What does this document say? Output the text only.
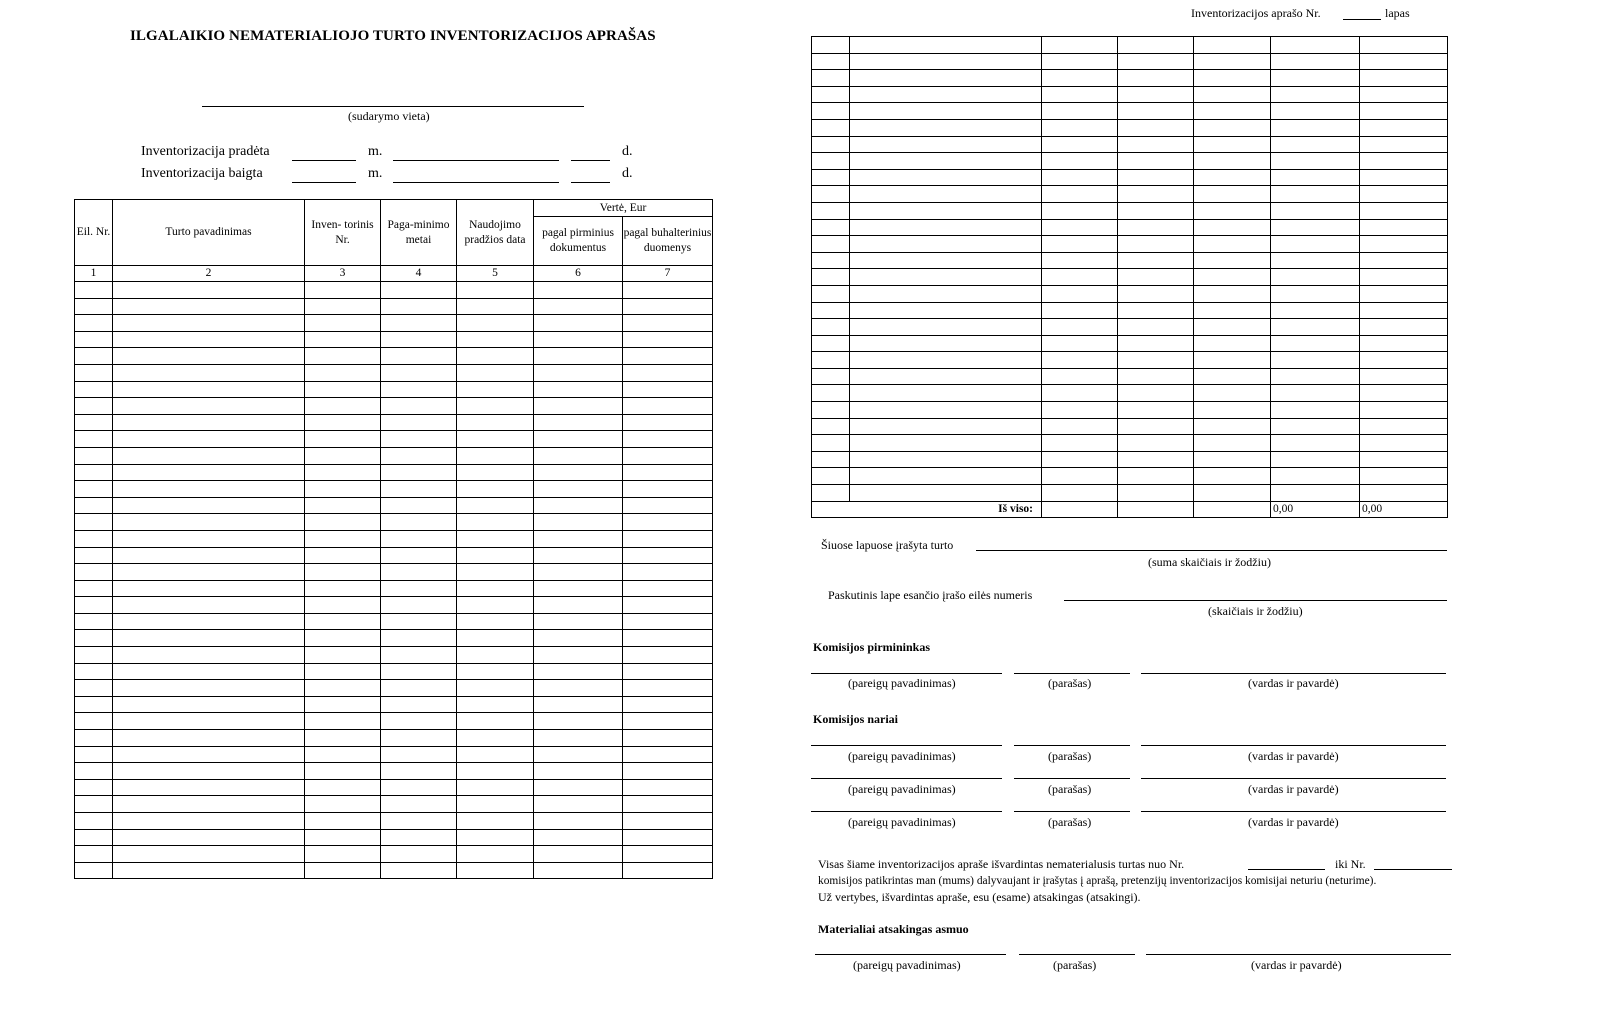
ILGALAIKIO NEMATERIALIOJO TURTO INVENTORIZACIJOS APRAŠAS
(sudarymo vieta)
Inventorizacija pradėta	m.	d.
Inventorizacija baigta	m.	d.
Eil. Nr.	Turto pavadinimas	Inven- torinis Nr.	Paga-minimo metai	Naudojimo pradžios data	Vertė, Eur	
					pagal pirminius dokumentus	pagal buhalterinius duomenys
1	2	3	4	5	6	7

Inventorizacijos aprašo Nr.	lapas

Iš viso:					0,00	0,00
Šiuose lapuose įrašyta turto
(suma skaičiais ir žodžiu)
Paskutinis lape esančio įrašo eilės numeris
(skaičiais ir žodžiu)
Komisijos pirmininkas
(pareigų pavadinimas)	(parašas)	(vardas ir pavardė)
Komisijos nariai
(pareigų pavadinimas)	(parašas)	(vardas ir pavardė)
(pareigų pavadinimas)	(parašas)	(vardas ir pavardė)
(pareigų pavadinimas)	(parašas)	(vardas ir pavardė)
Visas šiame inventorizacijos apraše išvardintas nematerialusis turtas nuo Nr.	iki Nr.
komisijos patikrintas man (mums) dalyvaujant ir įrašytas į aprašą, pretenzijų inventorizacijos komisijai neturiu (neturime).
Už vertybes, išvardintas apraše, esu (esame) atsakingas (atsakingi).
Materialiai atsakingas asmuo
(pareigų pavadinimas)	(parašas)	(vardas ir pavardė)
